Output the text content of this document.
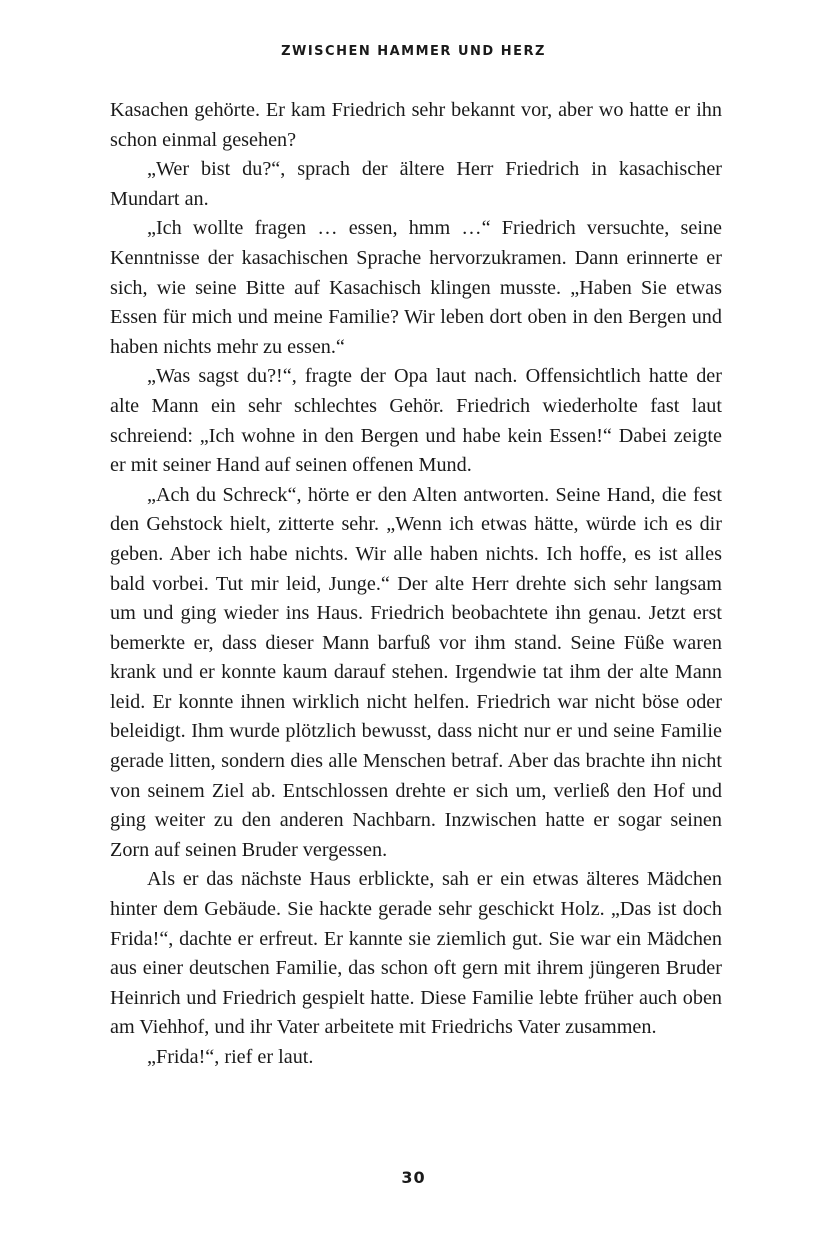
ZWISCHEN HAMMER UND HERZ

Kasachen gehörte. Er kam Friedrich sehr bekannt vor, aber wo hatte er ihn schon einmal gesehen?

„Wer bist du?“, sprach der ältere Herr Friedrich in kasachischer Mundart an.

„Ich wollte fragen … essen, hmm …“ Friedrich versuchte, seine Kenntnisse der kasachischen Sprache hervorzukramen. Dann erinnerte er sich, wie seine Bitte auf Kasachisch klingen musste. „Haben Sie etwas Essen für mich und meine Familie? Wir leben dort oben in den Bergen und haben nichts mehr zu essen.“

„Was sagst du?!“, fragte der Opa laut nach. Offensichtlich hatte der alte Mann ein sehr schlechtes Gehör. Friedrich wiederholte fast laut schreiend: „Ich wohne in den Bergen und habe kein Essen!“ Dabei zeigte er mit seiner Hand auf seinen offenen Mund.

„Ach du Schreck“, hörte er den Alten antworten. Seine Hand, die fest den Gehstock hielt, zitterte sehr. „Wenn ich etwas hätte, würde ich es dir geben. Aber ich habe nichts. Wir alle haben nichts. Ich hoffe, es ist alles bald vorbei. Tut mir leid, Junge.“ Der alte Herr drehte sich sehr langsam um und ging wieder ins Haus. Friedrich beobachtete ihn genau. Jetzt erst bemerkte er, dass dieser Mann barfuß vor ihm stand. Seine Füße waren krank und er konnte kaum darauf stehen. Irgendwie tat ihm der alte Mann leid. Er konnte ihnen wirklich nicht helfen. Friedrich war nicht böse oder beleidigt. Ihm wurde plötzlich bewusst, dass nicht nur er und seine Familie gerade litten, sondern dies alle Menschen betraf. Aber das brachte ihn nicht von seinem Ziel ab. Entschlossen drehte er sich um, verließ den Hof und ging weiter zu den anderen Nachbarn. Inzwischen hatte er sogar seinen Zorn auf seinen Bruder vergessen.

Als er das nächste Haus erblickte, sah er ein etwas älteres Mädchen hinter dem Gebäude. Sie hackte gerade sehr geschickt Holz. „Das ist doch Frida!“, dachte er erfreut. Er kannte sie ziemlich gut. Sie war ein Mädchen aus einer deutschen Familie, das schon oft gern mit ihrem jüngeren Bruder Heinrich und Friedrich gespielt hatte. Diese Familie lebte früher auch oben am Viehhof, und ihr Vater arbeitete mit Friedrichs Vater zusammen.

„Frida!“, rief er laut.

30
